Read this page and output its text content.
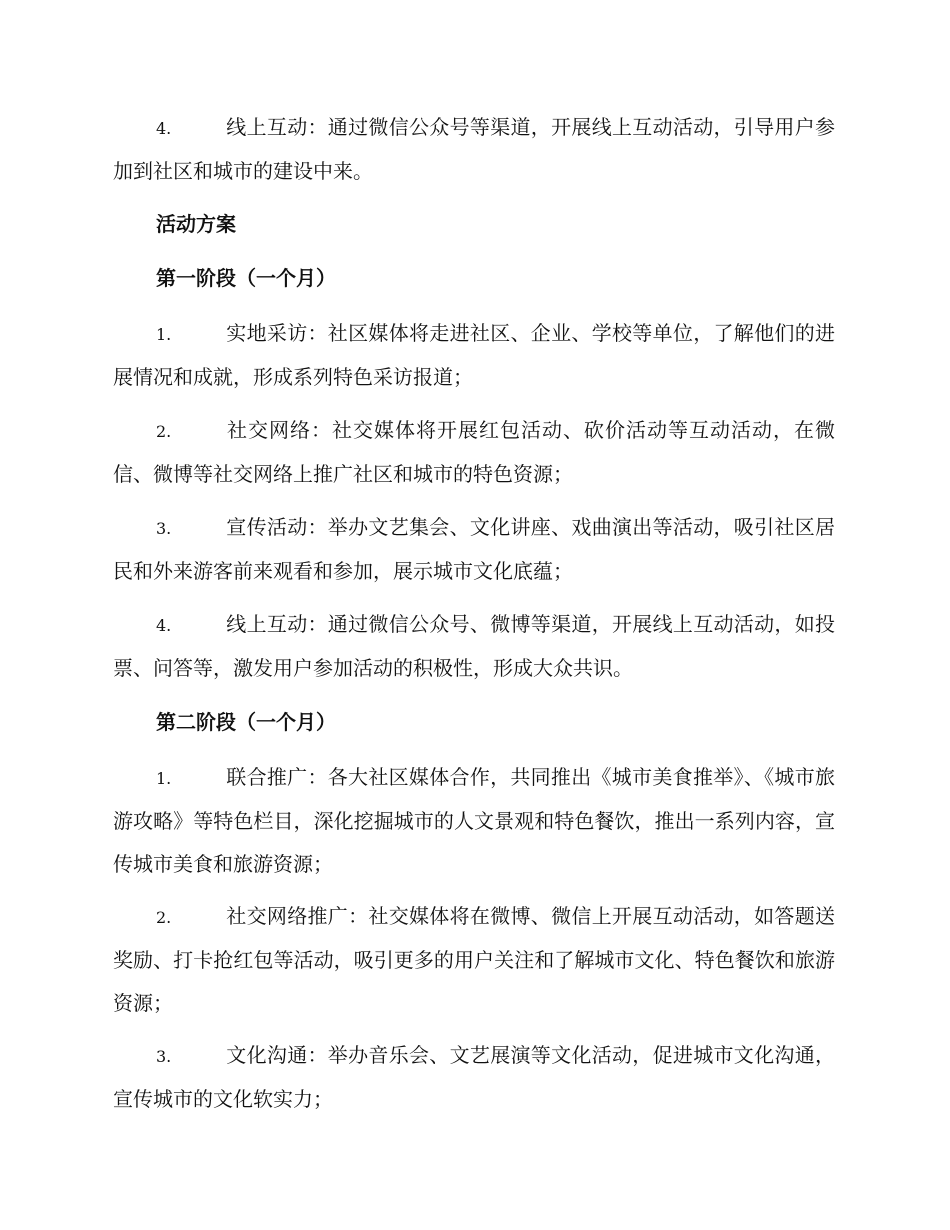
4.	线上互动：通过微信公众号等渠道，开展线上互动活动，引导用户参加到社区和城市的建设中来。
活动方案
第一阶段（一个月）
1.	实地采访：社区媒体将走进社区、企业、学校等单位，了解他们的进展情况和成就，形成系列特色采访报道；
2.	社交网络：社交媒体将开展红包活动、砍价活动等互动活动，在微信、微博等社交网络上推广社区和城市的特色资源；
3.	宣传活动：举办文艺集会、文化讲座、戏曲演出等活动，吸引社区居民和外来游客前来观看和参加，展示城市文化底蕴；
4.	线上互动：通过微信公众号、微博等渠道，开展线上互动活动，如投票、问答等，激发用户参加活动的积极性，形成大众共识。
第二阶段（一个月）
1.	联合推广：各大社区媒体合作，共同推出《城市美食推举》、《城市旅游攻略》等特色栏目，深化挖掘城市的人文景观和特色餐饮，推出一系列内容，宣传城市美食和旅游资源；
2.	社交网络推广：社交媒体将在微博、微信上开展互动活动，如答题送奖励、打卡抢红包等活动，吸引更多的用户关注和了解城市文化、特色餐饮和旅游资源；
3.	文化沟通：举办音乐会、文艺展演等文化活动，促进城市文化沟通，宣传城市的文化软实力；
